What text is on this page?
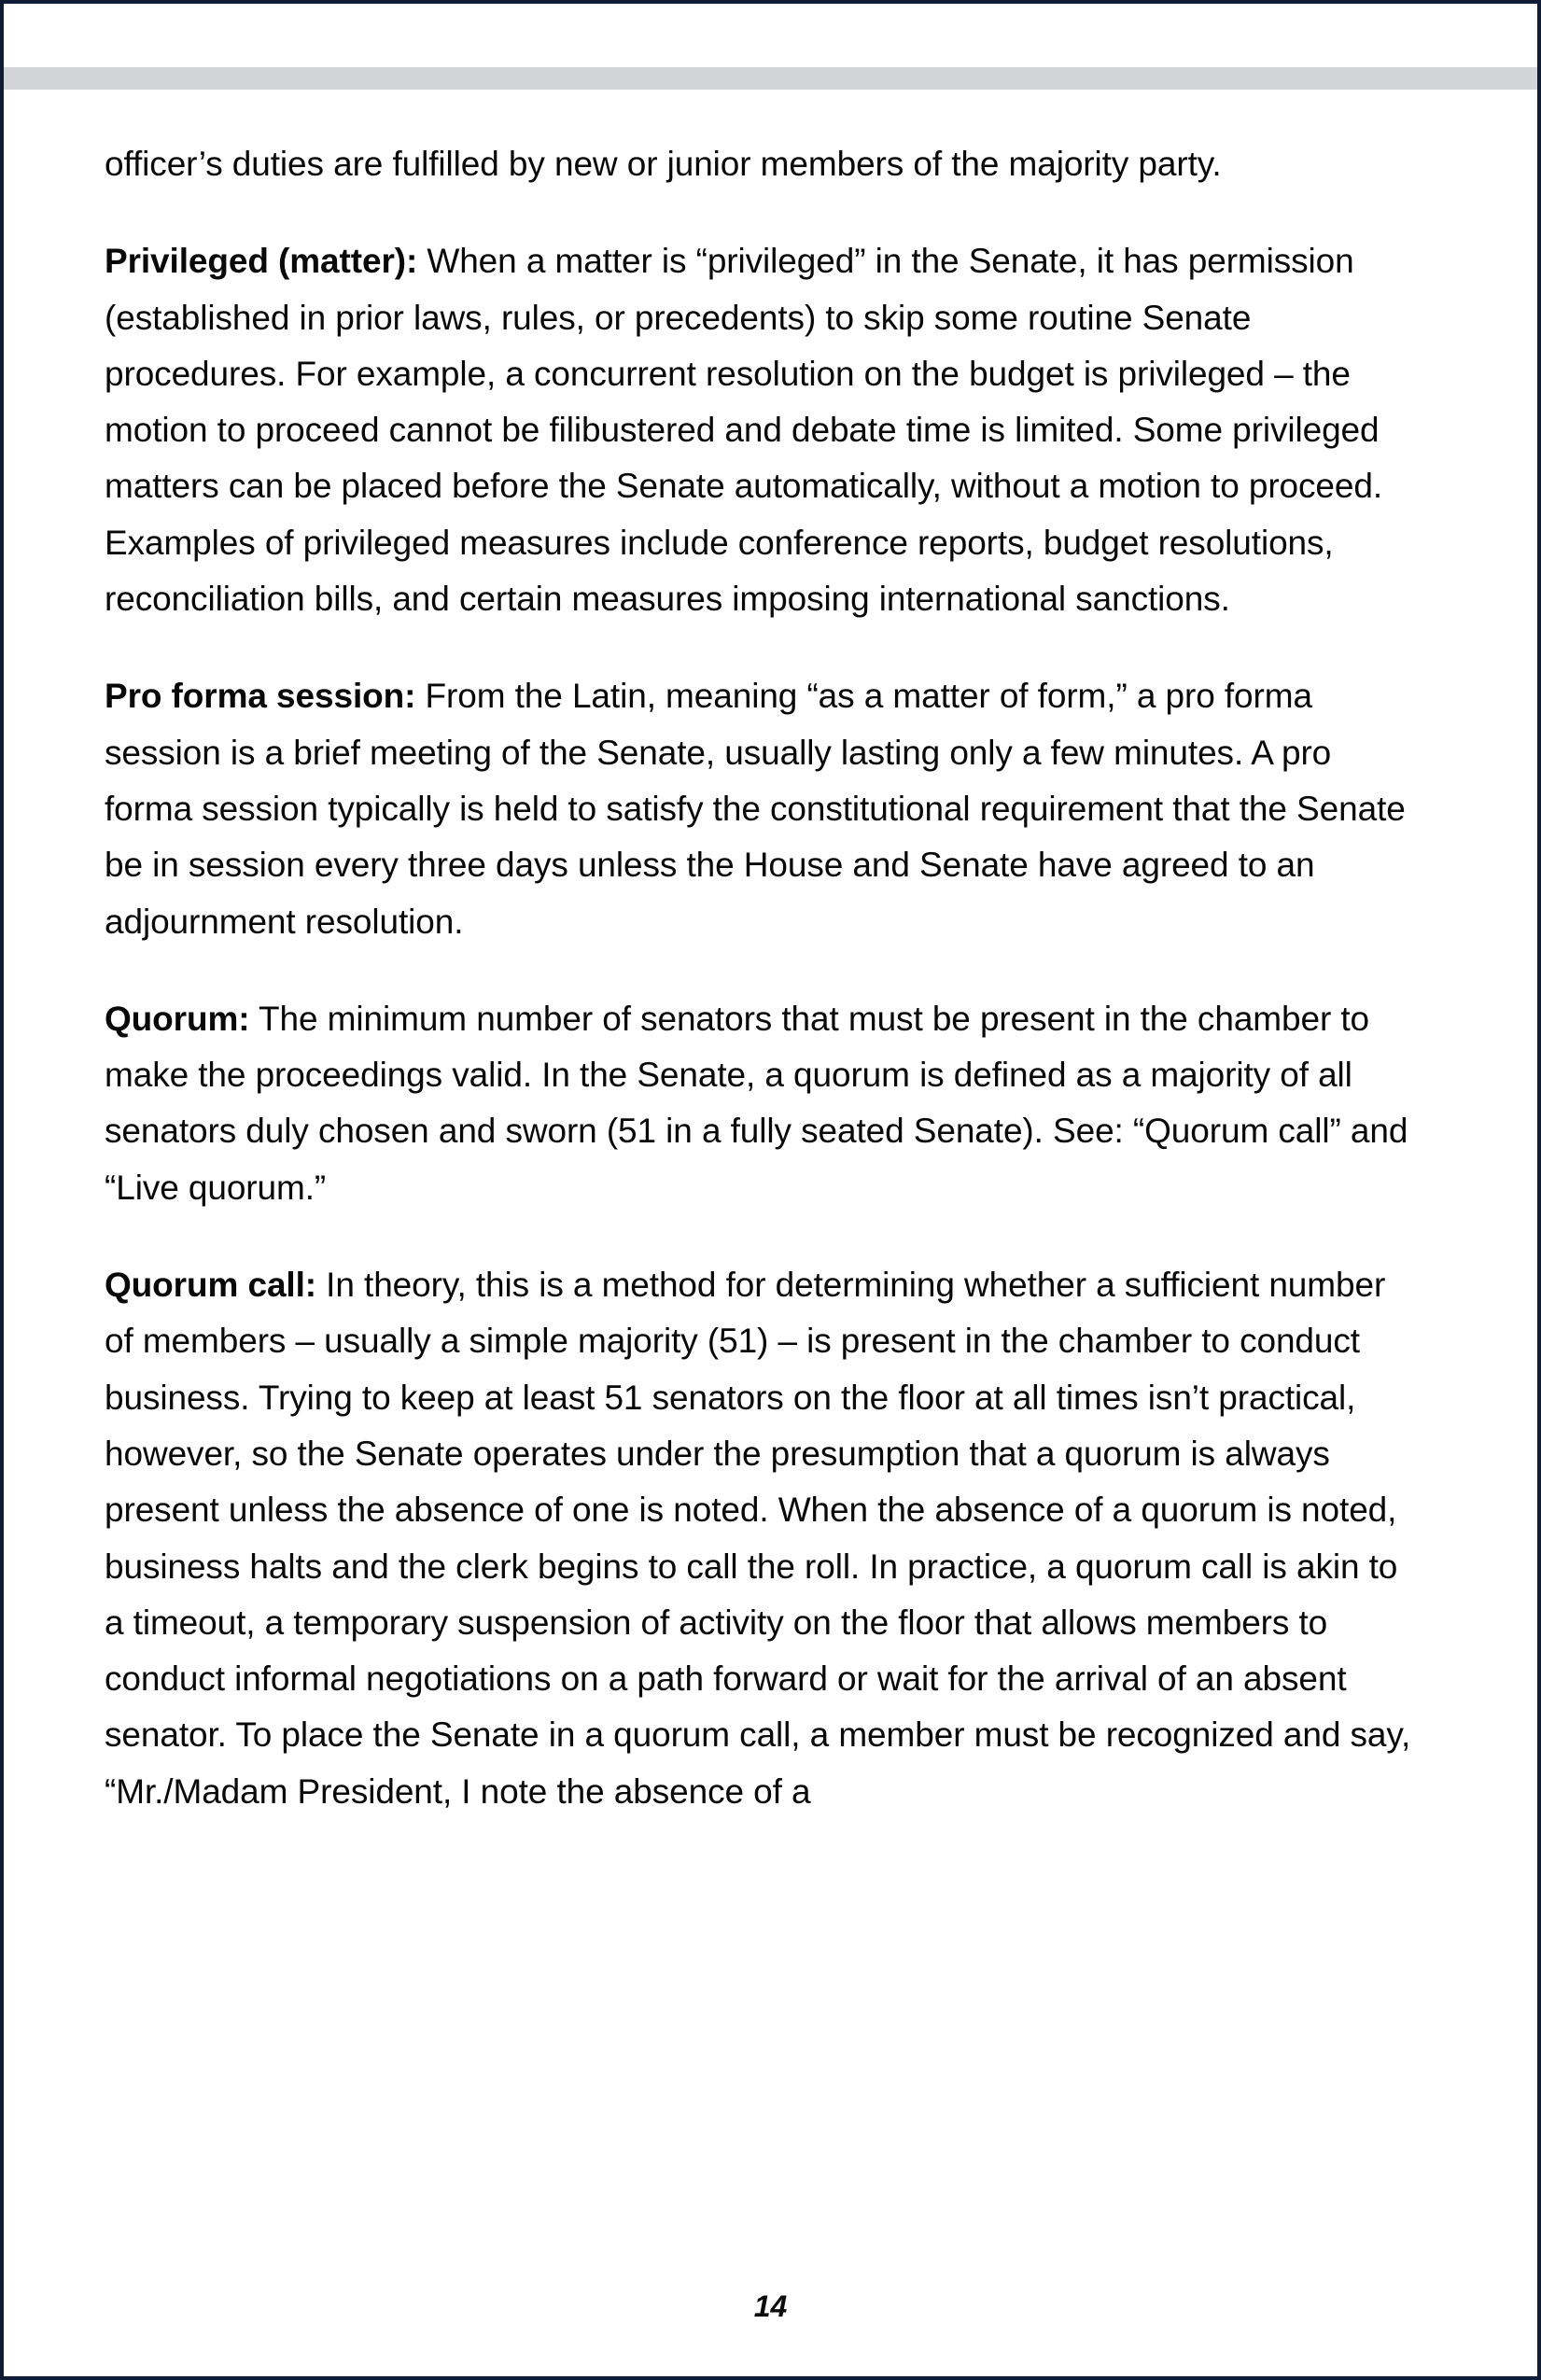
officer’s duties are fulfilled by new or junior members of the majority party.

Privileged (matter): When a matter is “privileged” in the Senate, it has permission (established in prior laws, rules, or precedents) to skip some routine Senate procedures. For example, a concurrent resolution on the budget is privileged – the motion to proceed cannot be filibustered and debate time is limited. Some privileged matters can be placed before the Senate automatically, without a motion to proceed. Examples of privileged measures include conference reports, budget resolutions, reconciliation bills, and certain measures imposing international sanctions.

Pro forma session: From the Latin, meaning “as a matter of form,” a pro forma session is a brief meeting of the Senate, usually lasting only a few minutes. A pro forma session typically is held to satisfy the constitutional requirement that the Senate be in session every three days unless the House and Senate have agreed to an adjournment resolution.

Quorum: The minimum number of senators that must be present in the chamber to make the proceedings valid. In the Senate, a quorum is defined as a majority of all senators duly chosen and sworn (51 in a fully seated Senate). See: “Quorum call” and “Live quorum.”

Quorum call: In theory, this is a method for determining whether a sufficient number of members – usually a simple majority (51) – is present in the chamber to conduct business. Trying to keep at least 51 senators on the floor at all times isn’t practical, however, so the Senate operates under the presumption that a quorum is always present unless the absence of one is noted. When the absence of a quorum is noted, business halts and the clerk begins to call the roll. In practice, a quorum call is akin to a timeout, a temporary suspension of activity on the floor that allows members to conduct informal negotiations on a path forward or wait for the arrival of an absent senator. To place the Senate in a quorum call, a member must be recognized and say, “Mr./Madam President, I note the absence of a

14
